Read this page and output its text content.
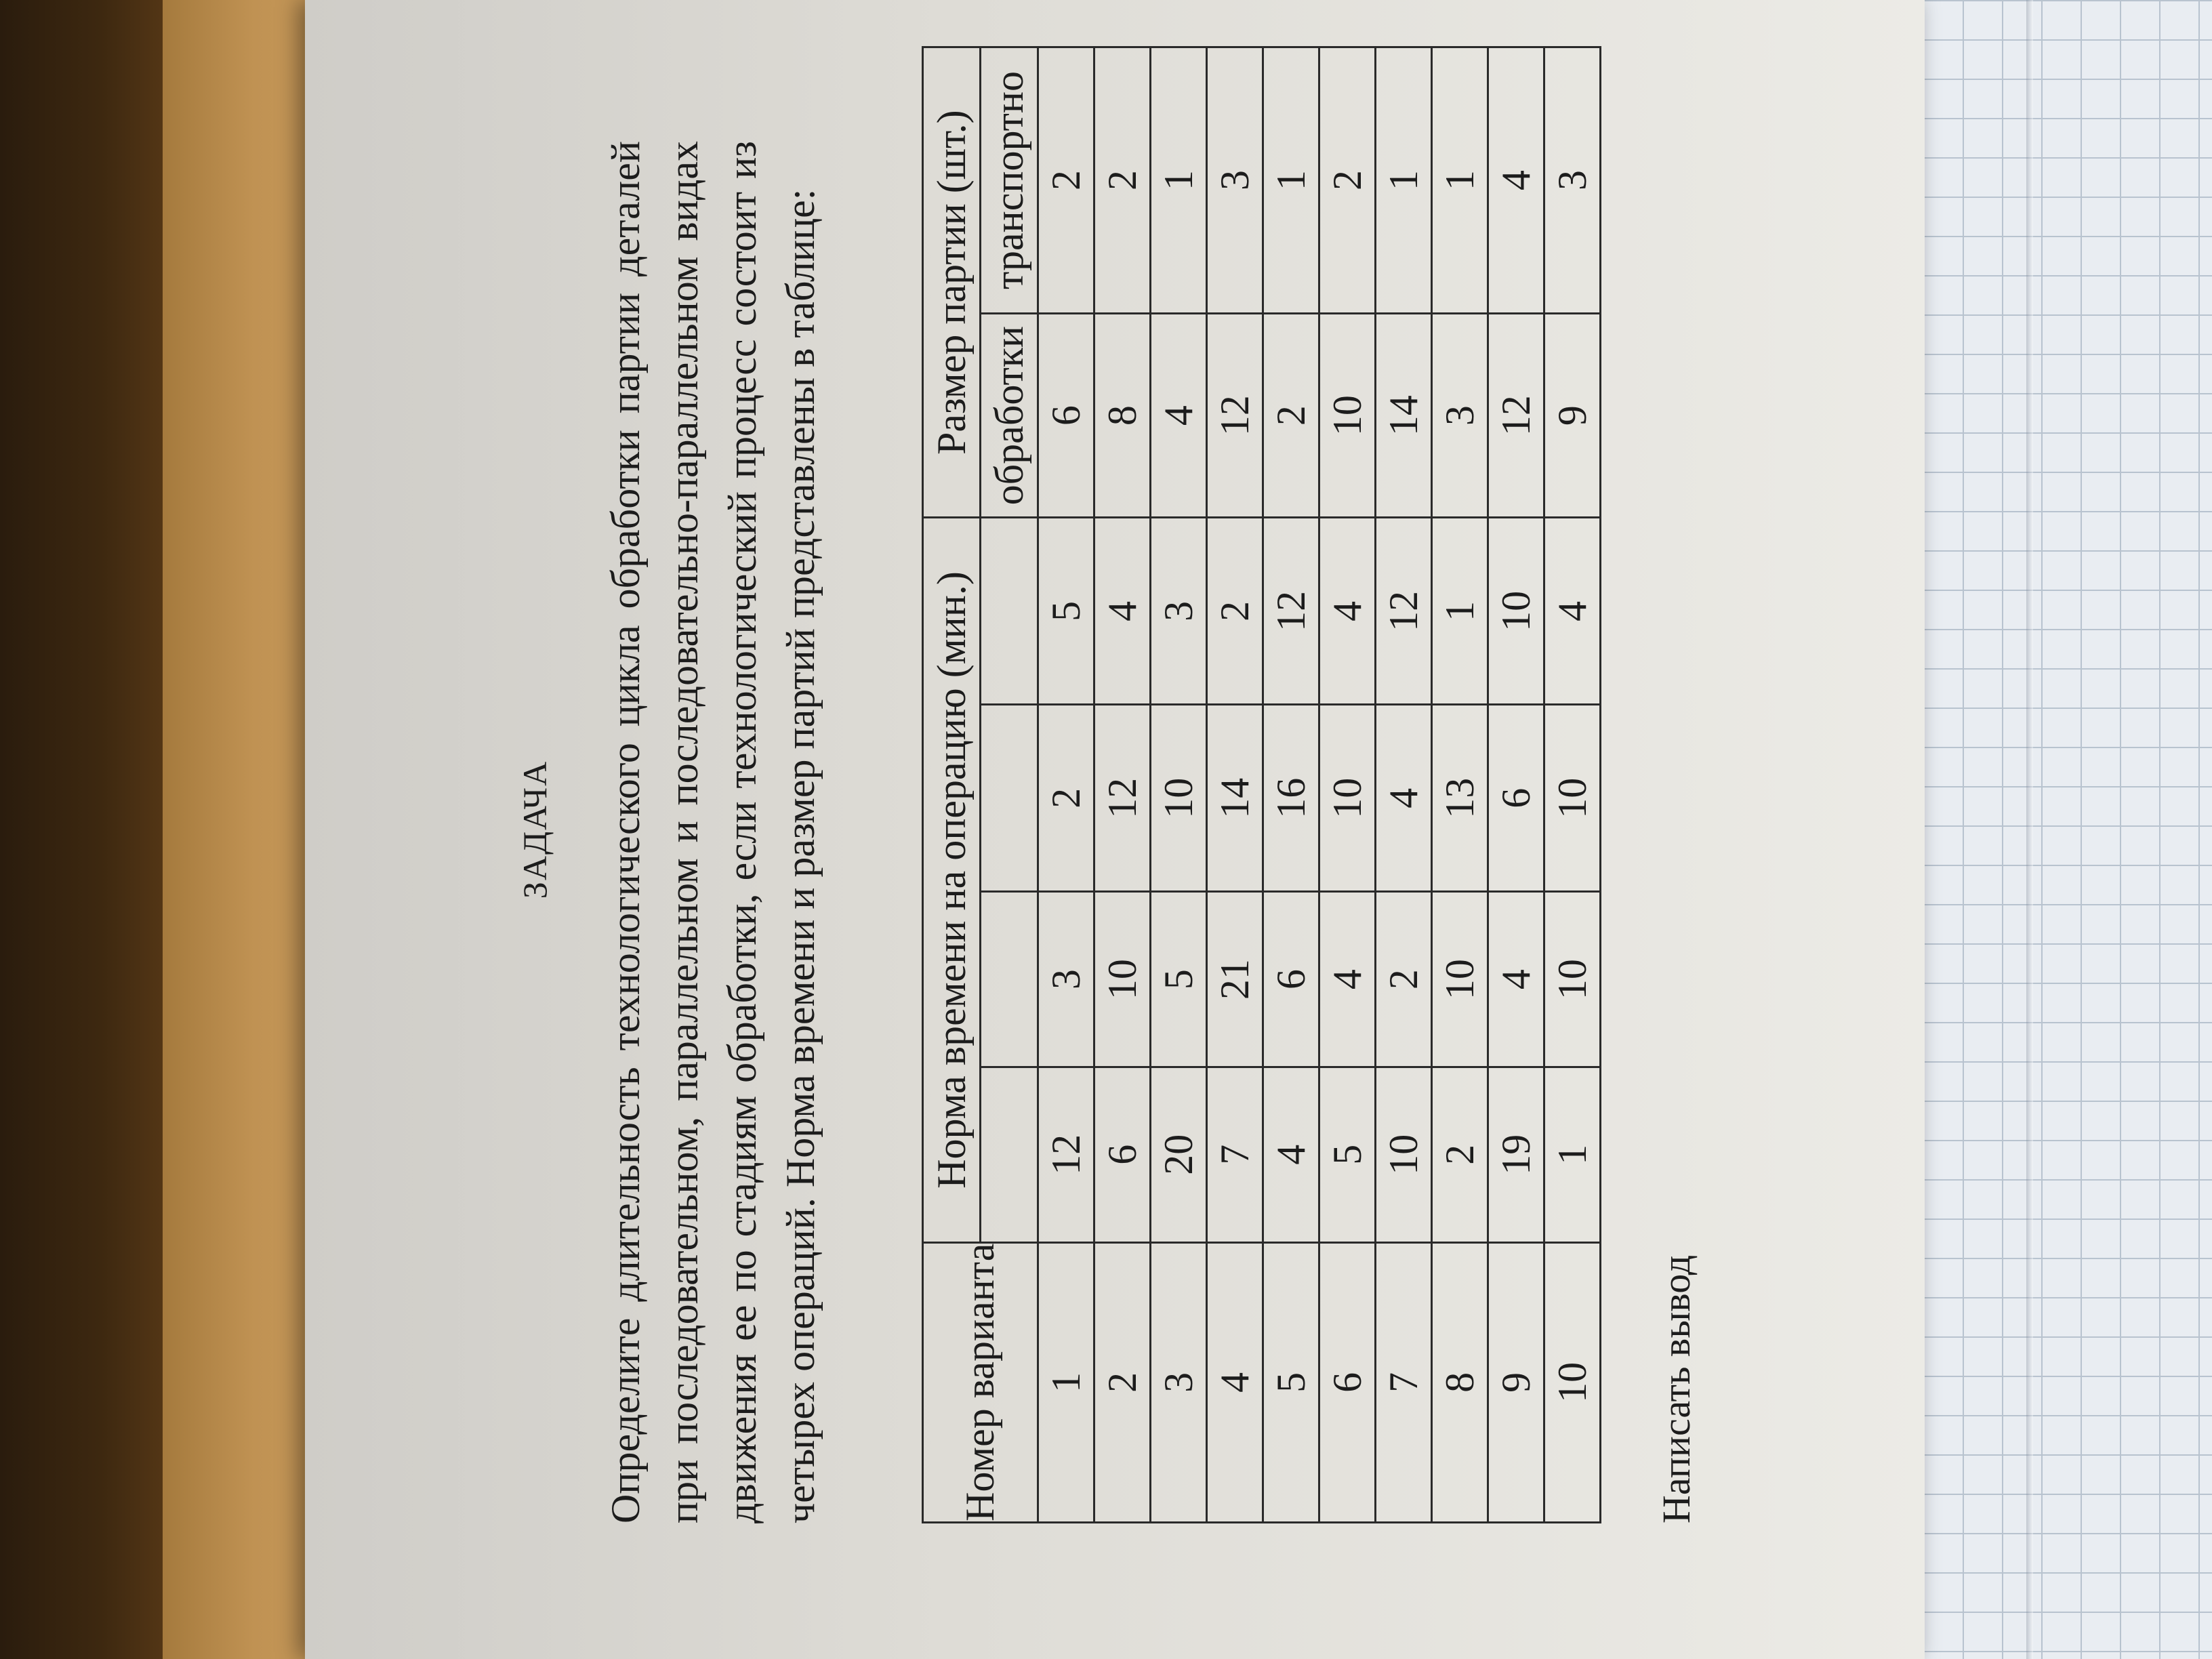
ЗАДАЧА Определите длительность технологического цикла обработки партии деталей при последовательном, параллельном и последовательно-параллельном видах движения ее по стадиям обработки, если технологический процесс состоит из четырех операций. Норма времени и размер партий представлены в таблице:	Номер варианта	Норма времени на операцию (мин.)				Размер партии (шт.)	
					обработки	транспортно
1	12	3	2	5	6	2
2	6	10	12	4	8	2
3	20	5	10	3	4	1
4	7	21	14	2	12	3
5	4	6	16	12	2	1
6	5	4	10	4	10	2
7	10	2	4	12	14	1
8	2	10	13	1	3	1
9	19	4	6	10	12	4
10	1	10	10	4	9	3
Написать вывод
